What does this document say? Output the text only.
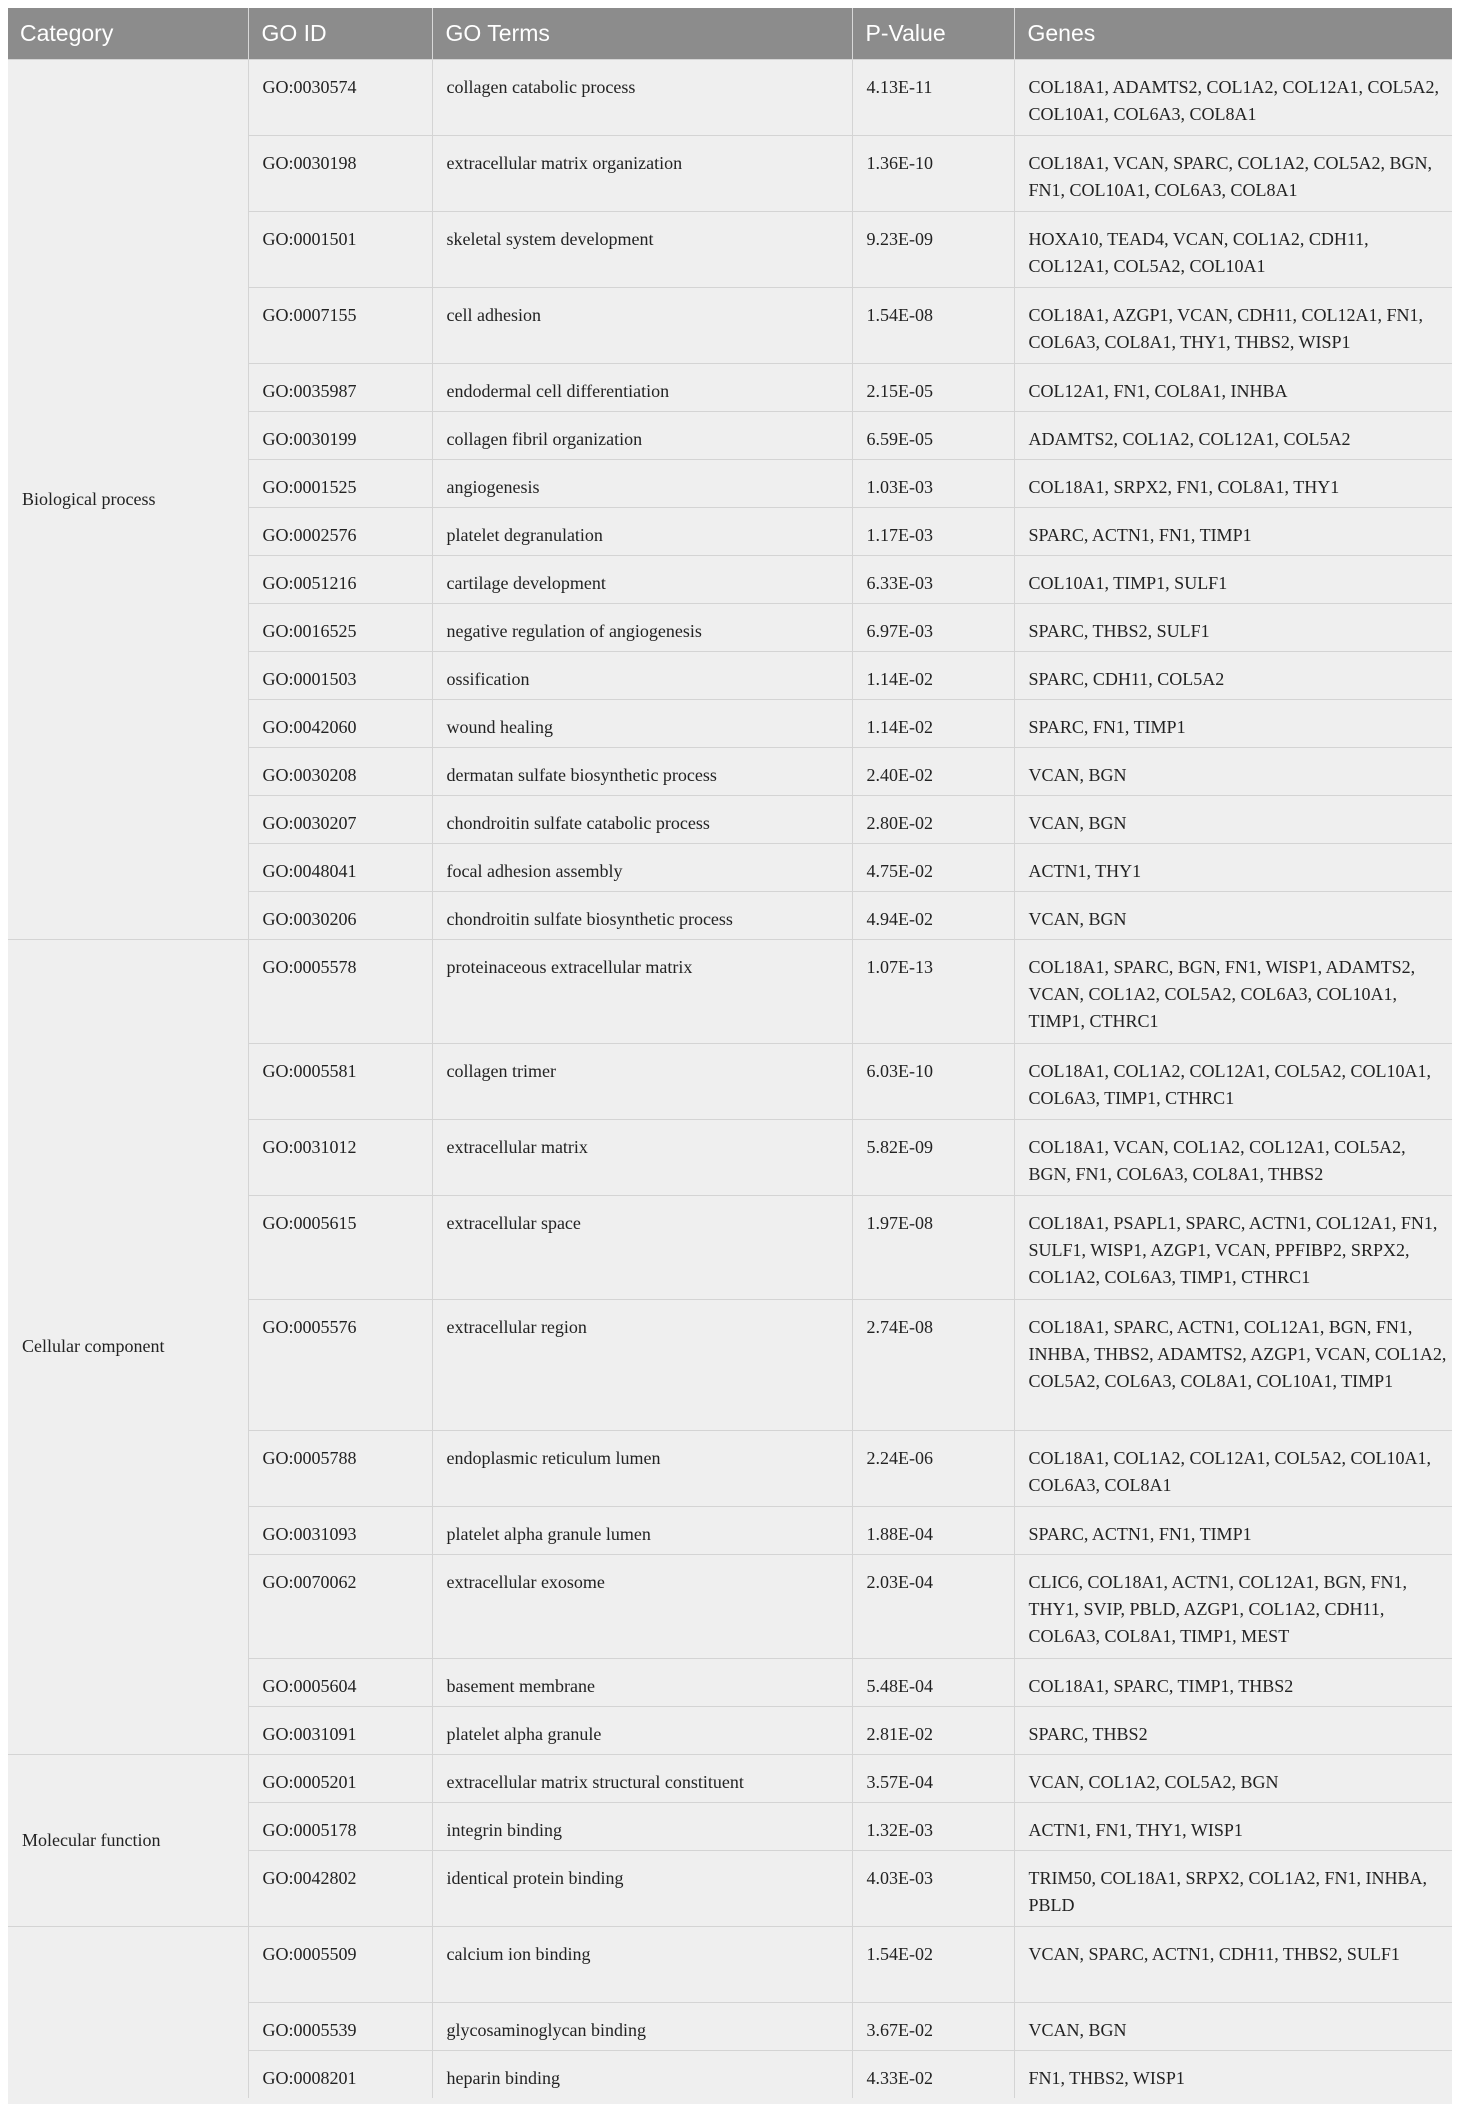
Category	GO ID	GO Terms	P-Value	Genes
Biological process	GO:0030574	collagen catabolic process	4.13E-11	COL18A1, ADAMTS2, COL1A2, COL12A1, COL5A2, COL10A1, COL6A3, COL8A1
	GO:0030198	extracellular matrix organization	1.36E-10	COL18A1, VCAN, SPARC, COL1A2, COL5A2, BGN, FN1, COL10A1, COL6A3, COL8A1
	GO:0001501	skeletal system development	9.23E-09	HOXA10, TEAD4, VCAN, COL1A2, CDH11, COL12A1, COL5A2, COL10A1
	GO:0007155	cell adhesion	1.54E-08	COL18A1, AZGP1, VCAN, CDH11, COL12A1, FN1, COL6A3, COL8A1, THY1, THBS2, WISP1
	GO:0035987	endodermal cell differentiation	2.15E-05	COL12A1, FN1, COL8A1, INHBA
	GO:0030199	collagen fibril organization	6.59E-05	ADAMTS2, COL1A2, COL12A1, COL5A2
	GO:0001525	angiogenesis	1.03E-03	COL18A1, SRPX2, FN1, COL8A1, THY1
	GO:0002576	platelet degranulation	1.17E-03	SPARC, ACTN1, FN1, TIMP1
	GO:0051216	cartilage development	6.33E-03	COL10A1, TIMP1, SULF1
	GO:0016525	negative regulation of angiogenesis	6.97E-03	SPARC, THBS2, SULF1
	GO:0001503	ossification	1.14E-02	SPARC, CDH11, COL5A2
	GO:0042060	wound healing	1.14E-02	SPARC, FN1, TIMP1
	GO:0030208	dermatan sulfate biosynthetic process	2.40E-02	VCAN, BGN
	GO:0030207	chondroitin sulfate catabolic process	2.80E-02	VCAN, BGN
	GO:0048041	focal adhesion assembly	4.75E-02	ACTN1, THY1
	GO:0030206	chondroitin sulfate biosynthetic process	4.94E-02	VCAN, BGN
Cellular component	GO:0005578	proteinaceous extracellular matrix	1.07E-13	COL18A1, SPARC, BGN, FN1, WISP1, ADAMTS2, VCAN, COL1A2, COL5A2, COL6A3, COL10A1, TIMP1, CTHRC1
	GO:0005581	collagen trimer	6.03E-10	COL18A1, COL1A2, COL12A1, COL5A2, COL10A1, COL6A3, TIMP1, CTHRC1
	GO:0031012	extracellular matrix	5.82E-09	COL18A1, VCAN, COL1A2, COL12A1, COL5A2, BGN, FN1, COL6A3, COL8A1, THBS2
	GO:0005615	extracellular space	1.97E-08	COL18A1, PSAPL1, SPARC, ACTN1, COL12A1, FN1, SULF1, WISP1, AZGP1, VCAN, PPFIBP2, SRPX2, COL1A2, COL6A3, TIMP1, CTHRC1
	GO:0005576	extracellular region	2.74E-08	COL18A1, SPARC, ACTN1, COL12A1, BGN, FN1, INHBA, THBS2, ADAMTS2, AZGP1, VCAN, COL1A2, COL5A2, COL6A3, COL8A1, COL10A1, TIMP1
	GO:0005788	endoplasmic reticulum lumen	2.24E-06	COL18A1, COL1A2, COL12A1, COL5A2, COL10A1, COL6A3, COL8A1
	GO:0031093	platelet alpha granule lumen	1.88E-04	SPARC, ACTN1, FN1, TIMP1
	GO:0070062	extracellular exosome	2.03E-04	CLIC6, COL18A1, ACTN1, COL12A1, BGN, FN1, THY1, SVIP, PBLD, AZGP1, COL1A2, CDH11, COL6A3, COL8A1, TIMP1, MEST
	GO:0005604	basement membrane	5.48E-04	COL18A1, SPARC, TIMP1, THBS2
	GO:0031091	platelet alpha granule	2.81E-02	SPARC, THBS2
Molecular function	GO:0005201	extracellular matrix structural constituent	3.57E-04	VCAN, COL1A2, COL5A2, BGN
	GO:0005178	integrin binding	1.32E-03	ACTN1, FN1, THY1, WISP1
	GO:0042802	identical protein binding	4.03E-03	TRIM50, COL18A1, SRPX2, COL1A2, FN1, INHBA, PBLD
	GO:0005509	calcium ion binding	1.54E-02	VCAN, SPARC, ACTN1, CDH11, THBS2, SULF1
	GO:0005539	glycosaminoglycan binding	3.67E-02	VCAN, BGN
	GO:0008201	heparin binding	4.33E-02	FN1, THBS2, WISP1
